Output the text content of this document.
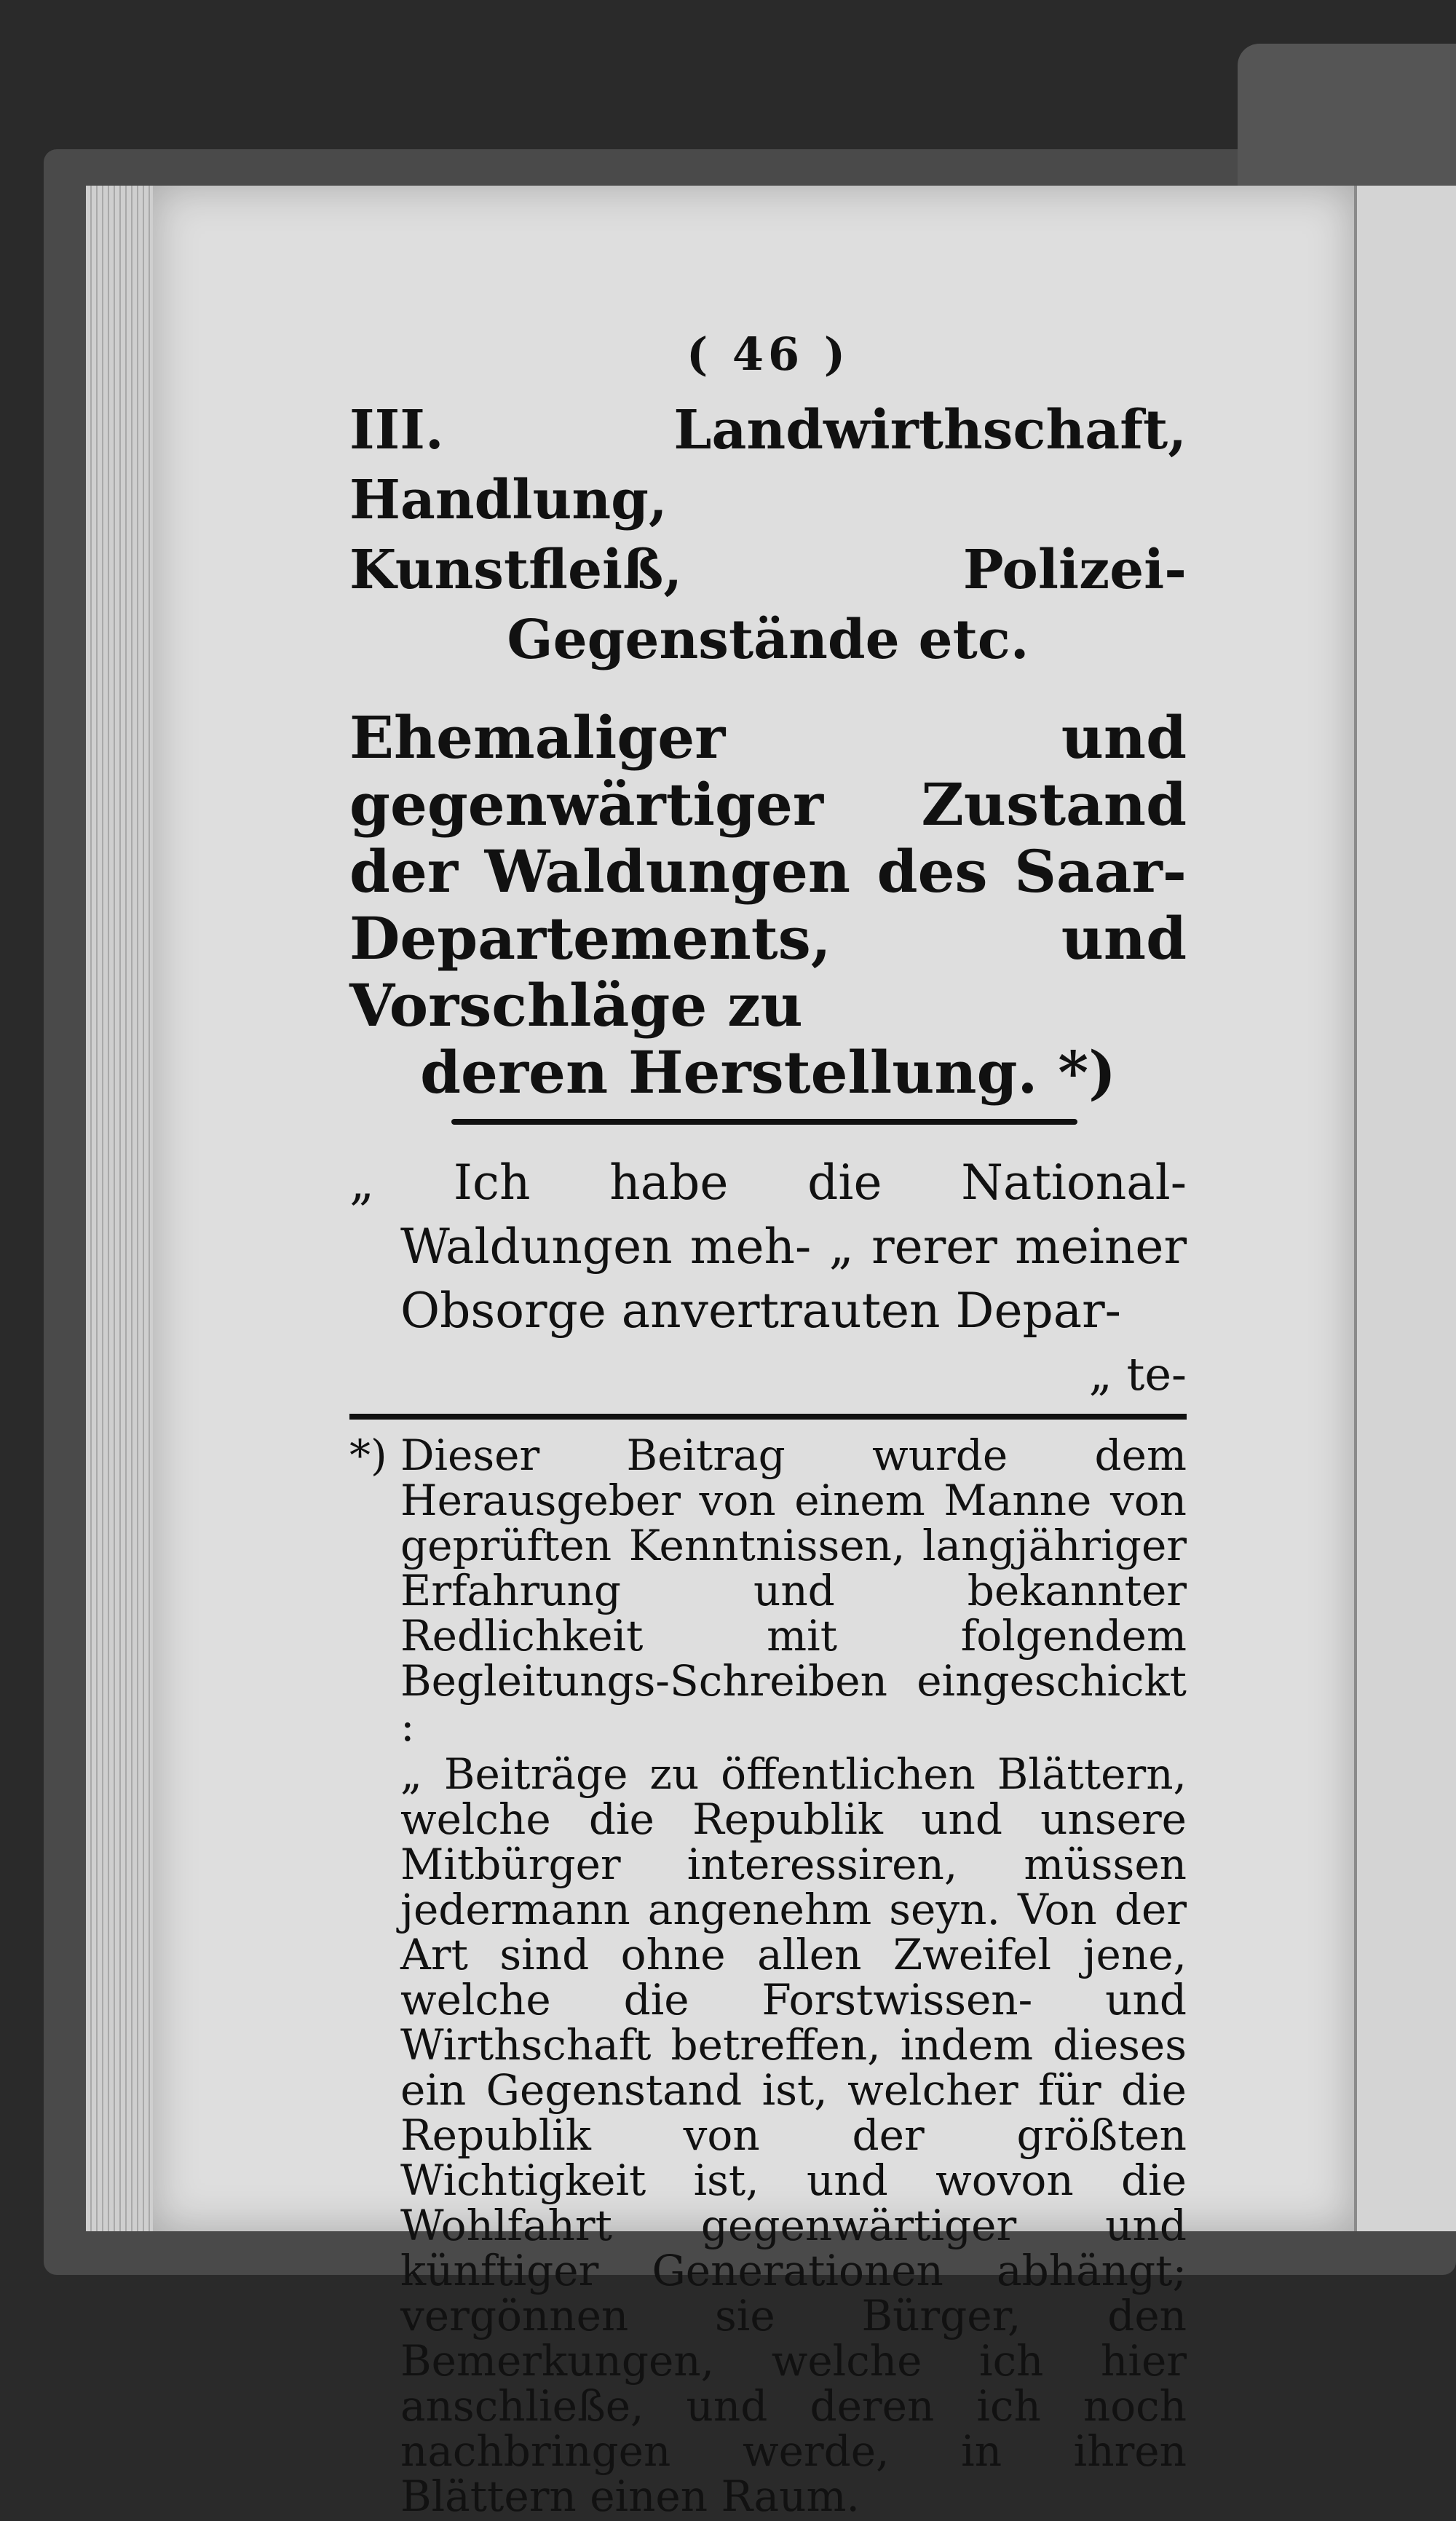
( 46 )
III. Landwirthschaft, Handlung,
Kunstfleiß, Polizei-Gegenstände etc.
Ehemaliger und gegenwärtiger Zustand der Waldungen des Saar-Departements, und Vorschläge zu
deren Herstellung. *)
„ Ich habe die National-Waldungen meh- „ rerer meiner Obsorge anvertrauten Depar-
„ te-
*) Dieser Beitrag wurde dem Herausgeber von einem Manne von geprüften Kenntnissen, langjähriger Erfahrung und bekannter Redlichkeit mit folgendem Begleitungs-Schreiben eingeschickt :
„ Beiträge zu öffentlichen Blättern, welche die Republik und unsere Mitbürger interessiren, müssen jedermann angenehm seyn. Von der Art sind ohne allen Zweifel jene, welche die Forstwissen- und Wirthschaft betreffen, indem dieses ein Gegenstand ist, welcher für die Republik von der größten Wichtigkeit ist, und wovon die Wohlfahrt gegenwärtiger und künftiger Generationen abhängt; vergönnen sie Bürger, den Bemerkungen, welche ich hier anschließe, und deren ich noch nachbringen werde, in ihren Blättern einen Raum.
